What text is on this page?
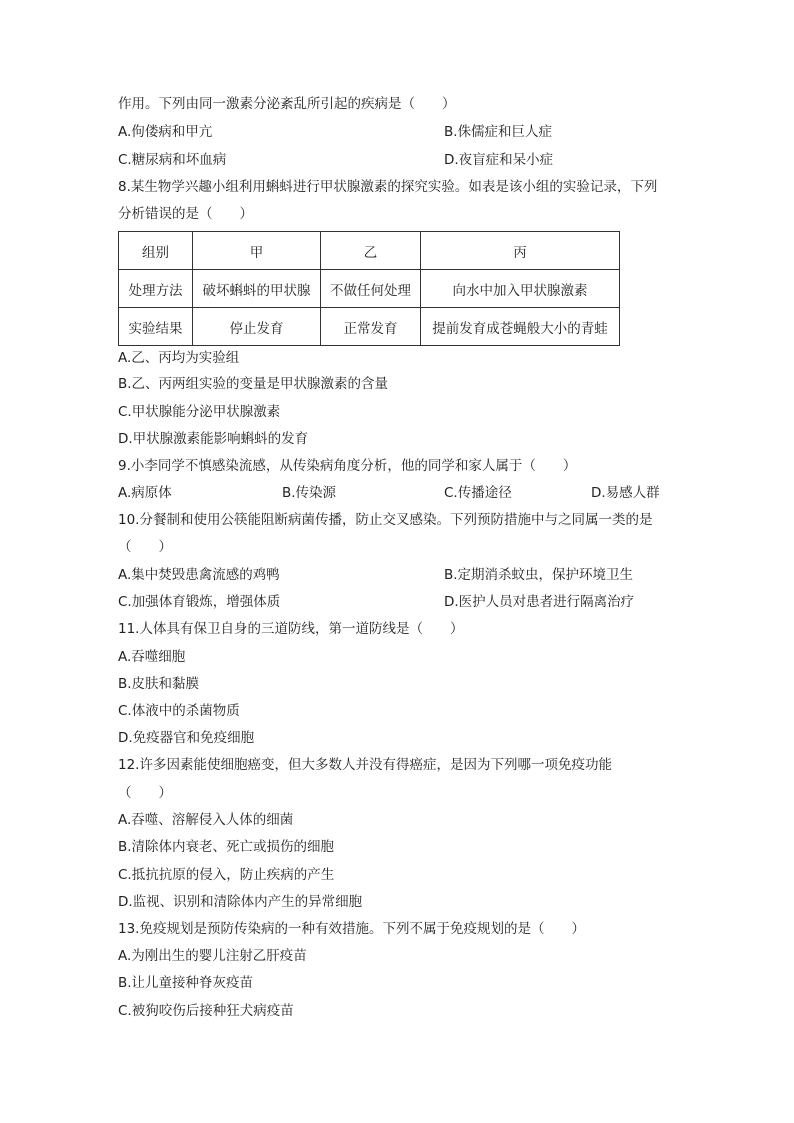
作用。下列由同一激素分泌紊乱所引起的疾病是（　　）
A.佝偻病和甲亢	B.侏儒症和巨人症
C.糖尿病和坏血病	D.夜盲症和呆小症
8.某生物学兴趣小组利用蝌蚪进行甲状腺激素的探究实验。如表是该小组的实验记录，下列
分析错误的是（　　）
组别	甲	乙	丙
处理方法	破坏蝌蚪的甲状腺	不做任何处理	向水中加入甲状腺激素
实验结果	停止发育	正常发育	提前发育成苍蝇般大小的青蛙
A.乙、丙均为实验组
B.乙、丙两组实验的变量是甲状腺激素的含量
C.甲状腺能分泌甲状腺激素
D.甲状腺激素能影响蝌蚪的发育
9.小李同学不慎感染流感，从传染病角度分析，他的同学和家人属于（　　）
A.病原体	B.传染源	C.传播途径	D.易感人群
10.分餐制和使用公筷能阻断病菌传播，防止交叉感染。下列预防措施中与之同属一类的是
（　　）
A.集中焚毁患禽流感的鸡鸭	B.定期消杀蚊虫，保护环境卫生
C.加强体育锻炼，增强体质	D.医护人员对患者进行隔离治疗
11.人体具有保卫自身的三道防线，第一道防线是（　　）
A.吞噬细胞
B.皮肤和黏膜
C.体液中的杀菌物质
D.免疫器官和免疫细胞
12.许多因素能使细胞癌变，但大多数人并没有得癌症，是因为下列哪一项免疫功能
（　　）
A.吞噬、溶解侵入人体的细菌
B.清除体内衰老、死亡或损伤的细胞
C.抵抗抗原的侵入，防止疾病的产生
D.监视、识别和清除体内产生的异常细胞
13.免疫规划是预防传染病的一种有效措施。下列不属于免疫规划的是（　　）
A.为刚出生的婴儿注射乙肝疫苗
B.让儿童接种脊灰疫苗
C.被狗咬伤后接种狂犬病疫苗
